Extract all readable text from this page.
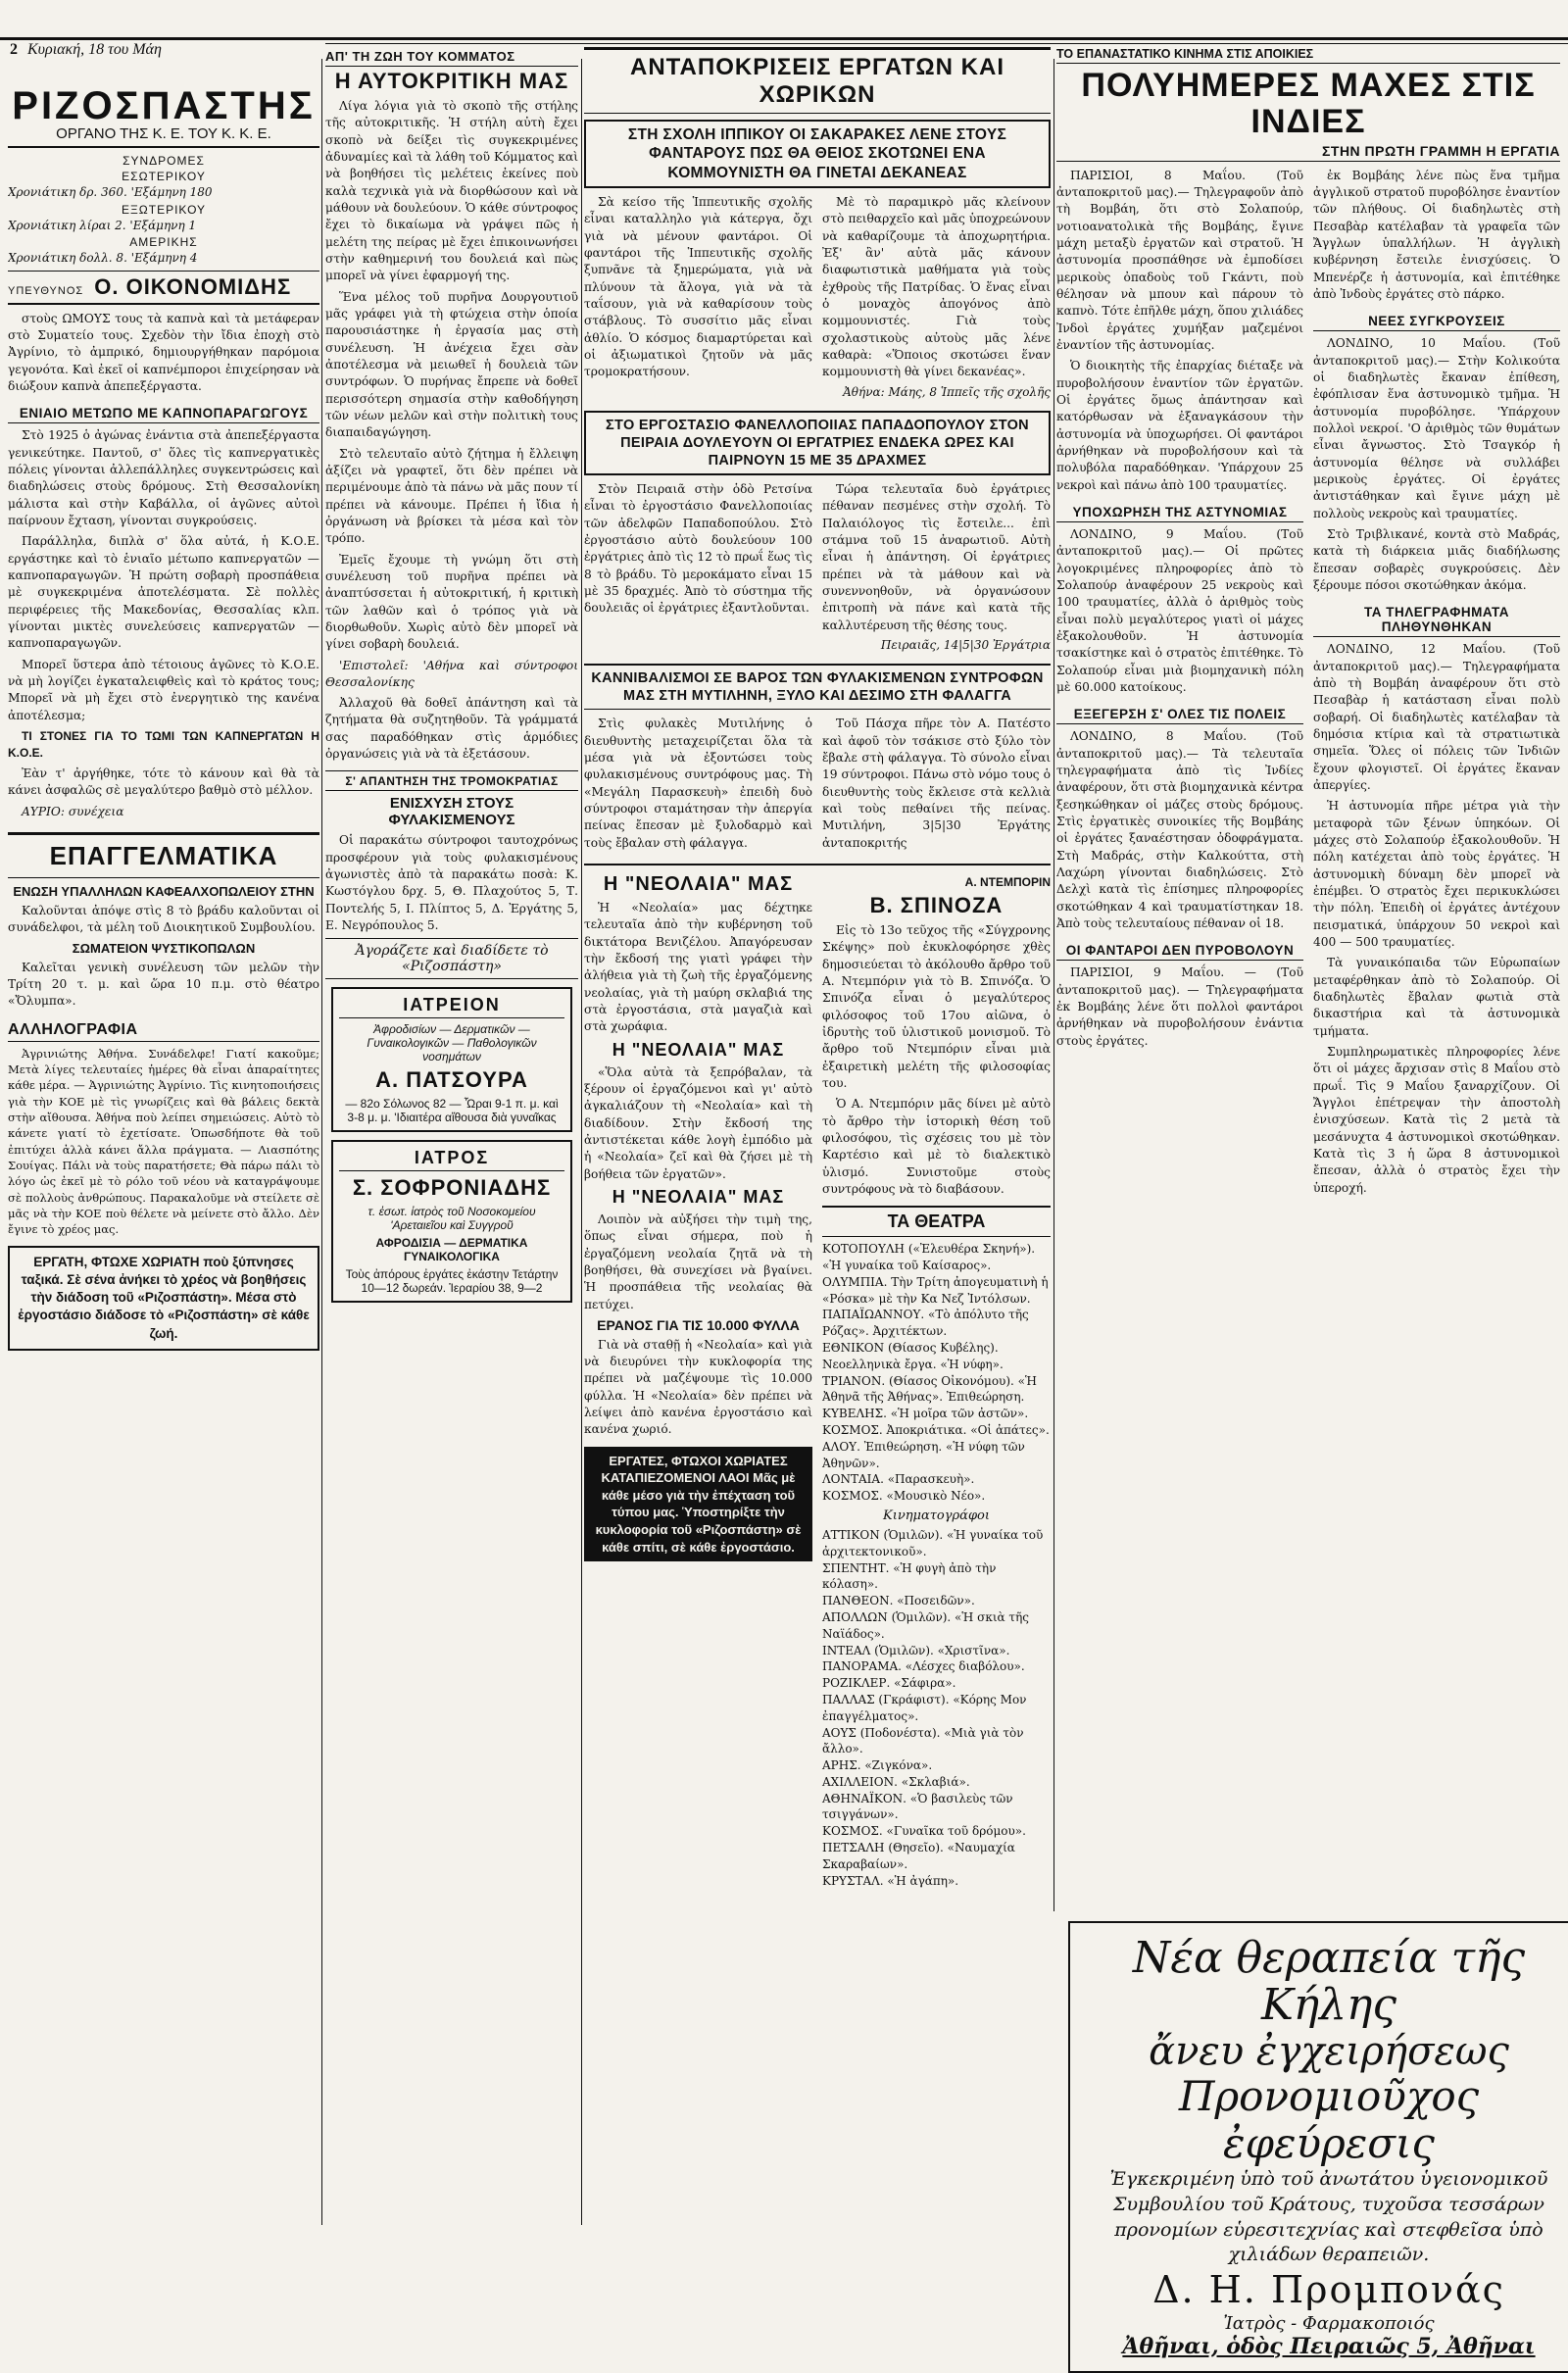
2 Κυριακή, 18 του Μάη
ΡΙΖΟΣΠΑΣΤΗΣ
ΟΡΓΑΝΟ ΤΗΣ Κ. Ε. ΤΟΥ Κ. Κ. Ε.
ΣΥΝΔΡΟΜΕΣ
ΕΣΩΤΕΡΙΚΟΥ
Χρονιάτικη δρ. 360. 'Εξάμηνη 180
ΕΞΩΤΕΡΙΚΟΥ
Χρονιάτικη λίραι 2. 'Εξάμηνη 1
ΑΜΕΡΙΚΗΣ
Χρονιάτικη δολλ. 8. 'Εξάμηνη 4
ΥΠΕΥΘΥΝΟΣ Ο. ΟΙΚΟΝΟΜΙΔΗΣ

στοὺς ΩΜΟΥΣ τους τὰ καπνὰ καὶ τὰ μετάφεραν στὸ Συματείο τους. Σχεδὸν τὴν ἴδια ἐποχὴ στὸ Ἀγρίνιο, τὸ ἀμπρικό, δημιουργήθηκαν παρόμοια γεγονότα. Καὶ ἐκεῖ οἱ καπνέμποροι ἐπιχείρησαν νὰ διώξουν καπνὰ ἀπεπεξέργαστα.

ΕΝΙΑΙΟ ΜΕΤΩΠΟ ΜΕ ΚΑΠΝΟΠΑΡΑΓΩΓΟΥΣ

Στὸ 1925 ὁ ἀγώνας ἐνάντια στὰ ἀπεπεξέργαστα γενικεύτηκε. Παντοῦ, σ' ὅλες τὶς καπνεργατικὲς πόλεις γίνονται ἀλλεπάλληλες συγκεντρώσεις καὶ διαδηλώσεις στοὺς δρόμους. Στὴ Θεσσαλονίκη μάλιστα καὶ στὴν Καβάλλα, οἱ ἀγῶνες αὐτοὶ παίρνουν ἔχταση, γίνονται συγκρούσεις.

Παράλληλα, διπλὰ σ' ὅλα αὐτά, ἡ Κ.Ο.Ε. εργάστηκε καὶ τὸ ἑνιαῖο μέτωπο καπνεργατῶν — καπνοπαραγωγῶν. Ἡ πρώτη σοβαρὴ προσπάθεια μὲ συγκεκριμένα ἀποτελέσματα. Σὲ πολλὲς περιφέρειες τῆς Μακεδονίας, Θεσσαλίας κλπ. γίνονται μικτὲς συνελεύσεις καπνεργατῶν — καπνοπαραγωγῶν.

Μπορεῖ ὕστερα ἀπὸ τέτοιους ἀγῶνες τὸ Κ.Ο.Ε. νὰ μὴ λογίζει ἐγκαταλειφθεὶς καὶ τὸ κράτος τους; Μπορεῖ νὰ μὴ ἔχει στὸ ἐνεργητικὸ της κανένα ἀποτέλεσμα;

ΤΙ ΣΤΟΝΕΣ ΓΙΑ ΤΟ ΤΩΜΙ ΤΩΝ ΚΑΠΝΕΡΓΑΤΩΝ Η Κ.Ο.Ε.

Ἐὰν τ' ἀργήθηκε, τότε τὸ κάνουν καὶ θὰ τὰ κάνει ἀσφαλῶς σὲ μεγαλύτερο βαθμὸ στὸ μέλλον.

ΑΥΡΙΟ: συνέχεια

ΕΠΑΓΓΕΛΜΑΤΙΚΑ
ΕΝΩΣΗ ΥΠΑΛΛΗΛΩΝ ΚΑΦΕΑΛΧΟΠΩΛΕΙΟΥ ΣΤΗΝ

Καλοῦνται ἀπόψε στὶς 8 τὸ βράδυ καλοῦνται οἱ συνάδελφοι, τὰ μέλη τοῦ Διοικητικοῦ Συμβουλίου.

ΣΩΜΑΤΕΙΟΝ ΨΥΣΤΙΚΟΠΩΛΩΝ

Καλεῖται γενικὴ συνέλευση τῶν μελῶν τὴν Τρίτη 20 τ. μ. καὶ ὥρα 10 π.μ. στὸ θέατρο «Ὄλυμπα».

ΑΛΛΗΛΟΓΡΑΦΙΑ

Ἀγρινιώτης Ἀθήνα. Συνάδελφε! Γιατί κακοῦμε; Μετὰ λίγες τελευταίες ἡμέρες θὰ εἶναι ἀπαραίτητες κάθε μέρα. — Ἀγρινιώτης Ἀγρίνιο. Τὶς κινητοποιήσεις γιὰ τὴν ΚΟΕ μὲ τὶς γνωρίζεις καὶ θὰ βάλεις δεκτὰ στὴν αἴθουσα. Ἀθήνα ποὺ λείπει σημειώσεις. Αὐτὸ τὸ κάνετε γιατί τὸ ἐχετίσατε. Ὁπωσδήποτε θὰ τοῦ ἐπιτύχει ἀλλὰ κάνει ἄλλα πράγματα. — Λιασπότης Σουίγας. Πάλι νὰ τοὺς παρατήσετε; Θὰ πάρω πάλι τὸ λόγο ὡς ἐκεῖ μὲ τὸ ρόλο τοῦ νέου νὰ καταγράψουμε σὲ πολλοὺς ἀνθρώπους. Παρακαλοῦμε νὰ στείλετε σὲ μᾶς νὰ τὴν ΚΟΕ ποὺ θέλετε νὰ μείνετε στὸ ἄλλο. Δὲν ἔγινε τὸ χρέος μας.

ΕΡΓΑΤΗ, ΦΤΩΧΕ ΧΩΡΙΑΤΗ ποὺ ξύπνησες ταξικά. Σὲ σένα ἀνήκει τὸ χρέος νὰ βοηθήσεις τὴν διάδοση τοῦ «Ριζοσπάστη». Μέσα στὸ ἐργοστάσιο διάδοσε τὸ «Ριζοσπάστη» σὲ κάθε ζωή.
ΑΠ' ΤΗ ΖΩΗ ΤΟΥ ΚΟΜΜΑΤΟΣ
Η ΑΥΤΟΚΡΙΤΙΚΗ ΜΑΣ

Λίγα λόγια γιὰ τὸ σκοπὸ τῆς στήλης τῆς αὐτοκριτικῆς. Ἡ στήλη αὐτὴ ἔχει σκοπὸ νὰ δείξει τὶς συγκεκριμένες ἀδυναμίες καὶ τὰ λάθη τοῦ Κόμματος καὶ νὰ βοηθήσει τὶς μελέτεις ἐκείνες ποὺ καλὰ τεχνικὰ γιὰ νὰ διορθώσουν καὶ νὰ μάθουν νὰ δουλεύουν. Ὁ κάθε σύντροφος ἔχει τὸ δικαίωμα νὰ γράψει πῶς ἡ μελέτη της πείρας μὲ ἔχει ἐπικοινωνήσει στὴν καθημερινή του δουλειά καὶ πὼς μπορεῖ νὰ γίνει ἐφαρμογή της.

Ἕνα μέλος τοῦ πυρῆνα Δουργουτιοῦ μᾶς γράφει γιὰ τὴ φτώχεια στὴν ὁποία παρουσιάστηκε ἡ ἐργασία μας στὴ συνέλευση. Ἡ ἀνέχεια ἔχει σὰν ἀποτέλεσμα νὰ μειωθεῖ ἡ δουλειὰ τῶν συντρόφων. Ὁ πυρήνας ἔπρεπε νὰ δοθεῖ περισσότερη σημασία στὴν καθοδήγηση τῶν νέων μελῶν καὶ στὴν πολιτικὴ τους διαπαιδαγώγηση.

Στὸ τελευταῖο αὐτὸ ζήτημα ἡ ἔλλειψη ἀξίζει νὰ γραφτεῖ, ὅτι δὲν πρέπει νὰ περιμένουμε ἀπὸ τὰ πάνω νὰ μᾶς πουν τί πρέπει νὰ κάνουμε. Πρέπει ἡ ἴδια ἡ ὀργάνωση νὰ βρίσκει τὰ μέσα καὶ τὸν τρόπο.

Ἐμεῖς ἔχουμε τὴ γνώμη ὅτι στὴ συνέλευση τοῦ πυρῆνα πρέπει νὰ ἀναπτύσσεται ἡ αὐτοκριτική, ἡ κριτικὴ τῶν λαθῶν καὶ ὁ τρόπος γιὰ νὰ διορθωθοῦν. Χωρὶς αὐτὸ δὲν μπορεῖ νὰ γίνει σοβαρὴ δουλειά.

'Επιστολεῖ: 'Αθήνα καὶ σύντροφοι Θεσσαλονίκης

Ἀλλαχοῦ θὰ δοθεῖ ἀπάντηση καὶ τὰ ζητήματα θὰ συζητηθοῦν. Τὰ γράμματά σας παραδόθηκαν στὶς ἁρμόδιες ὀργανώσεις γιὰ νὰ τὰ ἐξετάσουν.

Σ' ΑΠΑΝΤΗΣΗ ΤΗΣ ΤΡΟΜΟΚΡΑΤΙΑΣ
ΕΝΙΣΧΥΣΗ ΣΤΟΥΣ ΦΥΛΑΚΙΣΜΕΝΟΥΣ

Οἱ παρακάτω σύντροφοι ταυτοχρόνως προσφέρουν γιὰ τοὺς φυλακισμένους ἀγωνιστὲς ἀπὸ τὰ παρακάτω ποσὰ: Κ. Κωστόγλου δρχ. 5, Θ. Πλαχούτος 5, Τ. Ποντελής 5, Ι. Πλίπτος 5, Δ. Ἐργάτης 5, Ε. Νεγρόπουλος 5.

Ἀγοράζετε καὶ διαδίδετε τὸ «Ριζοσπάστη»
ΙΑΤΡΕΙΟΝ
Ἀφροδισίων — Δερματικῶν — Γυναικολογικῶν — Παθολογικῶν νοσημάτων
Α. ΠΑΤΣΟΥΡΑ
— 82ο Σόλωνος 82 — Ὧραι 9-1 π. μ. καὶ 3-8 μ. μ. 'Ιδιαιτέρα αἴθουσα διὰ γυναῖκας
ΙΑΤΡΟΣ
Σ. ΣΟΦΡΟΝΙΑΔΗΣ
τ. ἐσωτ. ἰατρὸς τοῦ Νοσοκομείου 'Αρεταιεῖου καὶ Συγγροῦ
ΑΦΡΟΔΙΣΙΑ — ΔΕΡΜΑΤΙΚΑ ΓΥΝΑΙΚΟΛΟΓΙΚΑ
Τοὺς ἀπόρους ἐργάτες ἐκάστην Τετάρτην 10—12 δωρεάν. Ἱεραρίου 38, 9—2
ΑΝΤΑΠΟΚΡΙΣΕΙΣ ΕΡΓΑΤΩΝ ΚΑΙ ΧΩΡΙΚΩΝ
ΣΤΗ ΣΧΟΛΗ ΙΠΠΙΚΟΥ ΟΙ ΣΑΚΑΡΑΚΕΣ ΛΕΝΕ ΣΤΟΥΣ ΦΑΝΤΑΡΟΥΣ ΠΩΣ ΘΑ ΘΕΙΟΣ ΣΚΟΤΩΝΕΙ ΕΝΑ ΚΟΜΜΟΥΝΙΣΤΗ ΘΑ ΓΙΝΕΤΑΙ ΔΕΚΑΝΕΑΣ

Σὰ κείσο τῆς Ἱππευτικῆς σχολῆς εἶναι καταλληλο γιὰ κάτεργα, ὄχι γιὰ νὰ μένουν φαντάροι. Οἱ φαντάροι τῆς Ἱππευτικῆς σχολῆς ξυπνᾶνε τὰ ξημερώματα, γιὰ νὰ πλύνουν τὰ ἄλογα, γιὰ νὰ τὰ ταΐσουν, γιὰ νὰ καθαρίσουν τοὺς στάβλους. Τὸ συσσίτιο μᾶς εἶναι ἀθλίο. Ὁ κόσμος διαμαρτύρεται καὶ οἱ ἀξιωματικοὶ ζητοῦν νὰ μᾶς τρομοκρατήσουν.

Μὲ τὸ παραμικρὸ μᾶς κλείνουν στὸ πειθαρχεῖο καὶ μᾶς ὑποχρεώνουν νὰ καθαρίζουμε τὰ ἀποχωρητήρια. Ἐξ' ἃν' αὐτὰ μᾶς κάνουν διαφωτιστικὰ μαθήματα γιὰ τοὺς ἐχθροὺς τῆς Πατρίδας. Ὁ ἕνας εἶναι ὁ μοναχὸς ἀπογόνος ἀπὸ κομμουνιστές. Γιὰ τοὺς σχολαστικοὺς αὐτοὺς μᾶς λένε καθαρὰ: «Ὅποιος σκοτώσει ἕναν κομμουνιστὴ θὰ γίνει δεκανέας».

Ἀθήνα: Μάης, 8 Ἱππεῖς τῆς σχολῆς

ΣΤΟ ΕΡΓΟΣΤΑΣΙΟ ΦΑΝΕΛΛΟΠΟΙΙΑΣ ΠΑΠΑΔΟΠΟΥΛΟΥ ΣΤΟΝ ΠΕΙΡΑΙΑ ΔΟΥΛΕΥΟΥΝ ΟΙ ΕΡΓΑΤΡΙΕΣ ΕΝΔΕΚΑ ΩΡΕΣ ΚΑΙ ΠΑΙΡΝΟΥΝ 15 ΜΕ 35 ΔΡΑΧΜΕΣ

Στὸν Πειραιᾶ στὴν ὁδὸ Ρετσίνα εἶναι τὸ ἐργοστάσιο Φανελλοποιίας τῶν ἀδελφῶν Παπαδοπούλου. Στὸ ἐργοστάσιο αὐτὸ δουλεύουν 100 ἐργάτριες ἀπὸ τὶς 12 τὸ πρωΐ ἕως τὶς 8 τὸ βράδυ. Τὸ μεροκάματο εἶναι 15 μὲ 35 δραχμές. Ἀπὸ τὸ σύστημα τῆς δουλειᾶς οἱ ἐργάτριες ἐξαντλοῦνται.

Τώρα τελευταῖα δυὸ ἐργάτριες πέθαναν πεσμένες στὴν σχολή. Τὸ Παλαιόλογος τὶς ἔστειλε... ἐπὶ στάμνα τοῦ 15 ἀναρωτιοῦ. Αὐτὴ εἶναι ἡ ἀπάντηση. Οἱ ἐργάτριες πρέπει νὰ τὰ μάθουν καὶ νὰ συνεννοηθοῦν, νὰ ὀργανώσουν ἐπιτροπὴ νὰ πάνε καὶ κατὰ τῆς καλλυτέρευση τῆς θέσης τους.

Πειραιᾶς, 14|5|30 Ἐργάτρια

ΚΑΝΝΙΒΑΛΙΣΜΟΙ ΣΕ ΒΑΡΟΣ ΤΩΝ ΦΥΛΑΚΙΣΜΕΝΩΝ ΣΥΝΤΡΟΦΩΝ ΜΑΣ ΣΤΗ ΜΥΤΙΛΗΝΗ, ΞΥΛΟ ΚΑΙ ΔΕΣΙΜΟ ΣΤΗ ΦΑΛΑΓΓΑ

Στὶς φυλακὲς Μυτιλήνης ὁ διευθυντὴς μεταχειρίζεται ὅλα τὰ μέσα γιὰ νὰ ἐξοντώσει τοὺς φυλακισμένους συντρόφους μας. Τὴ «Μεγάλη Παρασκευὴ» ἐπειδὴ δυὸ σύντροφοι σταμάτησαν τὴν ἀπεργία πείνας ἔπεσαν μὲ ξυλοδαρμὸ καὶ τοὺς ἔβαλαν στὴ φάλαγγα.

Τοῦ Πάσχα πῆρε τὸν Α. Πατέστο καὶ ἀφοῦ τὸν τσάκισε στὸ ξύλο τὸν ἔβαλε στὴ φάλαγγα. Τὸ σύνολο εἶναι 19 σύντροφοι. Πάνω στὸ νόμο τους ὁ διευθυντὴς τοὺς ἔκλεισε στὰ κελλιὰ καὶ τοὺς πεθαίνει τῆς πείνας. Μυτιλήνη, 3|5|30 Ἐργάτης ἀνταποκριτής

Η "ΝΕΟΛΑΙΑ" ΜΑΣ

Ἡ «Νεολαία» μας δέχτηκε τελευταῖα ἀπὸ τὴν κυβέρνηση τοῦ δικτάτορα Βενιζέλου. Ἀπαγόρευσαν τὴν ἔκδοσή της γιατὶ γράφει τὴν ἀλήθεια γιὰ τὴ ζωὴ τῆς ἐργαζόμενης νεολαίας, γιὰ τὴ μαύρη σκλαβιά της στὰ ἐργοστάσια, στὰ μαγαζιὰ καὶ στὰ χωράφια.

Η "ΝΕΟΛΑΙΑ" ΜΑΣ

«Ὅλα αὐτὰ τὰ ξεπρόβαλαν, τὰ ξέρουν οἱ ἐργαζόμενοι καὶ γι' αὐτὸ ἀγκαλιάζουν τὴ «Νεολαία» καὶ τὴ διαδίδουν. Στὴν ἔκδοσή της ἀντιστέκεται κάθε λογὴ ἐμπόδιο μὰ ἡ «Νεολαία» ζεῖ καὶ θὰ ζήσει μὲ τὴ βοήθεια τῶν ἐργατῶν».

Η "ΝΕΟΛΑΙΑ" ΜΑΣ

Λοιπὸν νὰ αὐξήσει τὴν τιμὴ της, ὅπως εἶναι σήμερα, ποὺ ἡ ἐργαζόμενη νεολαία ζητᾶ νὰ τὴ βοηθήσει, θὰ συνεχίσει νὰ βγαίνει. Ἡ προσπάθεια τῆς νεολαίας θὰ πετύχει.

ΕΡΑΝΟΣ ΓΙΑ ΤΙΣ 10.000 ΦΥΛΛΑ

Γιὰ νὰ σταθῇ ἡ «Νεολαία» καὶ γιὰ νὰ διευρύνει τὴν κυκλοφορία της πρέπει νὰ μαζέψουμε τὶς 10.000 φύλλα. Ἡ «Νεολαία» δὲν πρέπει νὰ λείψει ἀπὸ κανένα ἐργοστάσιο καὶ κανένα χωριό.

ΕΡΓΑΤΕΣ, ΦΤΩΧΟΙ ΧΩΡΙΑΤΕΣ ΚΑΤΑΠΙΕΖΟΜΕΝΟΙ ΛΑΟΙ Μᾶς μὲ κάθε μέσο γιὰ τὴν ἐπέχταση τοῦ τύπου μας. Ὑποστηρίξτε τὴν κυκλοφορία τοῦ «Ριζοσπάστη» σὲ κάθε σπίτι, σὲ κάθε ἐργοστάσιο.
Α. ΝΤΕΜΠΟΡΙΝ
Β. ΣΠΙΝΟΖΑ

Εἰς τὸ 13ο τεῦχος τῆς «Σύγχρονης Σκέψης» ποὺ ἐκυκλοφόρησε χθὲς δημοσιεύεται τὸ ἀκόλουθο ἄρθρο τοῦ Α. Ντεμπόριν γιὰ τὸ Β. Σπινόζα. Ὁ Σπινόζα εἶναι ὁ μεγαλύτερος φιλόσοφος τοῦ 17ου αἰῶνα, ὁ ἰδρυτὴς τοῦ ὑλιστικοῦ μονισμοῦ. Τὸ ἄρθρο τοῦ Ντεμπόριν εἶναι μιὰ ἐξαιρετικὴ μελέτη τῆς φιλοσοφίας του.

Ὁ Α. Ντεμπόριν μᾶς δίνει μὲ αὐτὸ τὸ ἄρθρο τὴν ἱστορικὴ θέση τοῦ φιλοσόφου, τὶς σχέσεις του μὲ τὸν Καρτέσιο καὶ μὲ τὸ διαλεκτικὸ ὑλισμό. Συνιστοῦμε στοὺς συντρόφους νὰ τὸ διαβάσουν.

ΤΑ ΘΕΑΤΡΑ
ΚΟΤΟΠΟΥΛΗ («Ἐλευθέρα Σκηνή»). «Ἡ γυναίκα τοῦ Καίσαρος».
ΟΛΥΜΠΙΑ. Τὴν Τρίτη ἀπογευματινὴ ἡ «Ρόσκα» μὲ τὴν Κα Νεζ Ἰντόλσων.
ΠΑΠΑΪΩΑΝΝΟΥ. «Τὸ ἀπόλυτο τῆς Ρόζας». Ἀρχιτέκτων.
ΕΘΝΙΚΟΝ (Θίασος Κυβέλης). Νεοελληνικὰ ἔργα. «Ἡ νύφη».
ΤΡΙΑΝΟΝ. (Θίασος Οἰκονόμου). «Ἡ Ἀθηνᾶ τῆς Ἀθήνας». Ἐπιθεώρηση.
ΚΥΒΕΛΗΣ. «Ἡ μοῖρα τῶν ἀστῶν».
ΚΟΣΜΟΣ. Ἀποκριάτικα. «Οἱ ἀπάτες».
ΑΛΟΥ. Ἐπιθεώρηση. «Ἡ νύφη τῶν Ἀθηνῶν».
ΛΟΝΤΑΙΑ. «Παρασκευὴ».
ΚΟΣΜΟΣ. «Μουσικὸ Νέο».
Κινηματογράφοι
ΑΤΤΙΚΟΝ (Ὁμιλῶν). «Ἡ γυναίκα τοῦ ἀρχιτεκτονικοῦ».
ΣΠΕΝΤΗΤ. «Ἡ φυγὴ ἀπὸ τὴν κόλαση».
ΠΑΝΘΕΟΝ. «Ποσειδῶν».
ΑΠΟΛΛΩΝ (Ὁμιλῶν). «Ἡ σκιὰ τῆς Ναϊάδος».
ΙΝΤΕΑΛ (Ὁμιλῶν). «Χριστῖνα».
ΠΑΝΟΡΑΜΑ. «Λέσχες διαβόλου».
ΡΟΖΙΚΛΕΡ. «Σάφιρα».
ΠΑΛΛΑΣ (Γκράφιστ). «Κόρης Μον ἐπαγγέλματος».
ΑΟΥΣ (Ποδονέστα). «Μιὰ γιὰ τὸν ἄλλο».
ΑΡΗΣ. «Ζιγκόνα».
ΑΧΙΛΛΕΙΟΝ. «Σκλαβιά».
ΑΘΗΝΑΪΚΟΝ. «Ὁ βασιλεὺς τῶν τσιγγάνων».
ΚΟΣΜΟΣ. «Γυναῖκα τοῦ δρόμου».
ΠΕΤΣΑΛΗ (Θησεῖο). «Ναυμαχία Σκαραβαίων».
ΚΡΥΣΤΑΛ. «Ἡ ἀγάπη».
ΤΟ ΕΠΑΝΑΣΤΑΤΙΚΟ ΚΙΝΗΜΑ ΣΤΙΣ ΑΠΟΙΚΙΕΣ
ΠΟΛΥΗΜΕΡΕΣ ΜΑΧΕΣ ΣΤΙΣ ΙΝΔΙΕΣ
ΣΤΗΝ ΠΡΩΤΗ ΓΡΑΜΜΗ Η ΕΡΓΑΤΙΑ

ΠΑΡΙΣΙΟΙ, 8 Μαΐου. (Τοῦ ἀνταποκριτοῦ μας).— Τηλεγραφοῦν ἀπὸ τὴ Βομβάη, ὅτι στὸ Σολαπούρ, νοτιοανατολικὰ τῆς Βομβάης, ἔγινε μάχη μεταξὺ ἐργατῶν καὶ στρατοῦ. Ἡ ἀστυνομία προσπάθησε νὰ ἐμποδίσει μερικοὺς ὀπαδοὺς τοῦ Γκάντι, ποὺ θέλησαν νὰ μπουν καὶ πάρουν τὸ καπνὸ. Τότε ἐπῆλθε μάχη, ὅπου χιλιάδες Ἰνδοὶ ἐργάτες χυμήξαν μαζεμένοι ἐναντίον τῆς ἀστυνομίας.

Ὁ διοικητὴς τῆς ἐπαρχίας διέταξε νὰ πυροβολήσουν ἐναντίον τῶν ἐργατῶν. Οἱ ἐργάτες ὅμως ἀπάντησαν καὶ κατόρθωσαν νὰ ἐξαναγκάσουν τὴν ἀστυνομία νὰ ὑποχωρήσει. Οἱ φαντάροι ἀρνήθηκαν νὰ πυροβολήσουν καὶ τὰ πολυβόλα παραδόθηκαν. 'Υπάρχουν 25 νεκροὶ καὶ πάνω ἀπὸ 100 τραυματίες.

ΥΠΟΧΩΡΗΣΗ ΤΗΣ ΑΣΤΥΝΟΜΙΑΣ

ΛΟΝΔΙΝΟ, 9 Μαΐου. (Τοῦ ἀνταποκριτοῦ μας).— Οἱ πρῶτες λογοκριμένες πληροφορίες ἀπὸ τὸ Σολαπούρ ἀναφέρουν 25 νεκροὺς καὶ 100 τραυματίες, ἀλλὰ ὁ ἀριθμὸς τοὺς εἶναι πολὺ μεγαλύτερος γιατὶ οἱ μάχες ἐξακολουθοῦν. Ἡ ἀστυνομία τσακίστηκε καὶ ὁ στρατὸς ἐπιτέθηκε. Τὸ Σολαπούρ εἶναι μιὰ βιομηχανικὴ πόλη μὲ 60.000 κατοίκους.

ΕΞΕΓΕΡΣΗ Σ' ΟΛΕΣ ΤΙΣ ΠΟΛΕΙΣ

ΛΟΝΔΙΝΟ, 8 Μαΐου. (Τοῦ ἀνταποκριτοῦ μας).— Τὰ τελευταῖα τηλεγραφήματα ἀπὸ τὶς Ἰνδίες ἀναφέρουν, ὅτι στὰ βιομηχανικὰ κέντρα ξεσηκώθηκαν οἱ μάζες στοὺς δρόμους. Στὶς ἐργατικὲς συνοικίες τῆς Βομβάης οἱ ἐργάτες ξαναέστησαν ὀδοφράγματα. Στὴ Μαδράς, στὴν Καλκούττα, στὴ Λαχώρη γίνονται διαδηλώσεις. Στὸ Δελχὶ κατὰ τὶς ἐπίσημες πληροφορίες σκοτώθηκαν 4 καὶ τραυματίστηκαν 18. Ἀπὸ τοὺς τελευταίους πέθαναν οἱ 18.

ΟΙ ΦΑΝΤΑΡΟΙ ΔΕΝ ΠΥΡΟΒΟΛΟΥΝ

ΠΑΡΙΣΙΟΙ, 9 Μαΐου. — (Τοῦ ἀνταποκριτοῦ μας). — Τηλεγραφήματα ἐκ Βομβάης λένε ὅτι πολλοὶ φαντάροι ἀρνήθηκαν νὰ πυροβολήσουν ἐνάντια στοὺς ἐργάτες.

ἐκ Βομβάης λένε πὼς ἕνα τμῆμα ἀγγλικοῦ στρατοῦ πυροβόλησε ἐναντίον τῶν πλήθους. Οἱ διαδηλωτὲς στὴ Πεσαβὰρ κατέλαβαν τὰ γραφεῖα τῶν Ἄγγλων ὑπαλλήλων. Ἡ ἀγγλικὴ κυβέρνηση ἔστειλε ἐνισχύσεις. Ὁ Μπενέρζε ἡ ἀστυνομία, καὶ ἐπιτέθηκε ἀπὸ Ἰνδοὺς ἐργάτες στὸ πάρκο.

ΝΕΕΣ ΣΥΓΚΡΟΥΣΕΙΣ

ΛΟΝΔΙΝΟ, 10 Μαΐου. (Τοῦ ἀνταποκριτοῦ μας).— Στὴν Κολικούτα οἱ διαδηλωτὲς ἔκαναν ἐπίθεση, ἐφόπλισαν ἕνα ἀστυνομικὸ τμῆμα. Ἡ ἀστυνομία πυροβόλησε. 'Υπάρχουν πολλοὶ νεκροί. 'Ο ἀριθμὸς τῶν θυμάτων εἶναι ἄγνωστος. Στὸ Τσαγκόρ ἡ ἀστυνομία θέλησε νὰ συλλάβει μερικοὺς ἐργάτες. Οἱ ἐργάτες ἀντιστάθηκαν καὶ ἔγινε μάχη μὲ πολλοὺς νεκροὺς καὶ τραυματίες.

Στὸ Τριβλικανέ, κοντὰ στὸ Μαδράς, κατὰ τὴ διάρκεια μιᾶς διαδήλωσης ἔπεσαν σοβαρὲς συγκρούσεις. Δὲν ξέρουμε πόσοι σκοτώθηκαν ἀκόμα.

ΤΑ ΤΗΛΕΓΡΑΦΗΜΑΤΑ ΠΛΗΘΥΝΘΗΚΑΝ

ΛΟΝΔΙΝΟ, 12 Μαΐου. (Τοῦ ἀνταποκριτοῦ μας).— Τηλεγραφήματα ἀπὸ τὴ Βομβάη ἀναφέρουν ὅτι στὸ Πεσαβὰρ ἡ κατάσταση εἶναι πολὺ σοβαρή. Οἱ διαδηλωτὲς κατέλαβαν τὰ δημόσια κτίρια καὶ τὰ στρατιωτικὰ σημεῖα. Ὅλες οἱ πόλεις τῶν Ἰνδιῶν ἔχουν φλογιστεῖ. Οἱ ἐργάτες ἔκαναν ἀπεργίες.

Ἡ ἀστυνομία πῆρε μέτρα γιὰ τὴν μεταφορὰ τῶν ξένων ὑπηκόων. Οἱ μάχες στὸ Σολαπούρ ἐξακολουθοῦν. Ἡ πόλη κατέχεται ἀπὸ τοὺς ἐργάτες. Ἡ ἀστυνομικὴ δύναμη δὲν μπορεῖ νὰ ἐπέμβει. Ὁ στρατὸς ἔχει περικυκλώσει τὴν πόλη. Ἐπειδὴ οἱ ἐργάτες ἀντέχουν πεισματικά, ὑπάρχουν 50 νεκροὶ καὶ 400 — 500 τραυματίες.

Τὰ γυναικόπαιδα τῶν Εὐρωπαίων μεταφέρθηκαν ἀπὸ τὸ Σολαπούρ. Οἱ διαδηλωτὲς ἔβαλαν φωτιὰ στὰ δικαστήρια καὶ τὰ ἀστυνομικὰ τμήματα.

Συμπληρωματικὲς πληροφορίες λένε ὅτι οἱ μάχες ἄρχισαν στὶς 8 Μαΐου στὸ πρωΐ. Τὶς 9 Μαΐου ξαναρχίζουν. Οἱ Ἄγγλοι ἐπέτρεψαν τὴν ἀποστολὴ ἐνισχύσεων. Κατὰ τὶς 2 μετὰ τὰ μεσάνυχτα 4 ἀστυνομικοὶ σκοτώθηκαν. Κατὰ τὶς 3 ἡ ὥρα 8 ἀστυνομικοὶ ἔπεσαν, ἀλλὰ ὁ στρατὸς ἔχει τὴν ὑπεροχή.

Νέα θεραπεία τῆς Κήλης
ἄνευ ἐγχειρήσεως
Προνομιοῦχος ἐφεύρεσις
Ἐγκεκριμένη ὑπὸ τοῦ ἀνωτάτου ὑγειονομικοῦ Συμβουλίου τοῦ Κράτους, τυχοῦσα τεσσάρων προνομίων εὑρεσιτεχνίας καὶ στεφθεῖσα ὑπὸ χιλιάδων θεραπειῶν.
Δ. Η. Προμπονάς
Ἰατρὸς - Φαρμακοποιός
Ἀθῆναι, ὁδὸς Πειραιῶς 5, Ἀθῆναι
